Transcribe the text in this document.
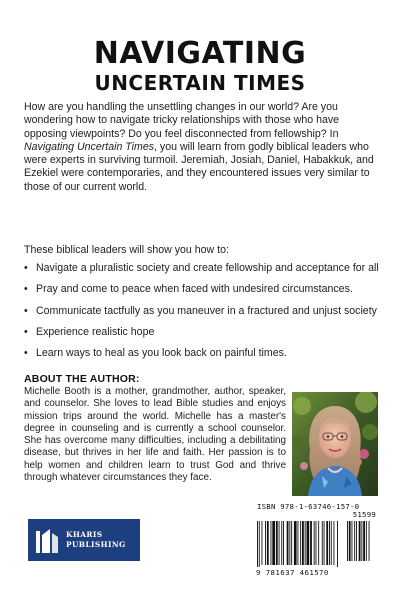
NAVIGATING
UNCERTAIN TIMES
How are you handling the unsettling changes in our world? Are you wondering how to navigate tricky relationships with those who have opposing viewpoints? Do you feel disconnected from fellowship? In Navigating Uncertain Times, you will learn from godly biblical leaders who were experts in surviving turmoil. Jeremiah, Josiah, Daniel, Habakkuk, and Ezekiel were contemporaries, and they encountered issues very similar to those of our current world.
These biblical leaders will show you how to:
• Navigate a pluralistic society and create fellowship and acceptance for all
• Pray and come to peace when faced with undesired circumstances.
• Communicate tactfully as you maneuver in a fractured and unjust society
• Experience realistic hope
• Learn ways to heal as you look back on painful times.
ABOUT THE AUTHOR:
Michelle Booth is a mother, grandmother, author, speaker, and counselor. She loves to lead Bible studies and enjoys mission trips around the world. Michelle has a master's degree in counseling and is currently a school counselor. She has overcome many difficulties, including a debilitating disease, but thrives in her life and faith. Her passion is to help women and children learn to trust God and thrive through whatever circumstances they face.
ISBN 978-1-63746-157-0
51599
9 781637 461570
KHARIS
PUBLISHING
